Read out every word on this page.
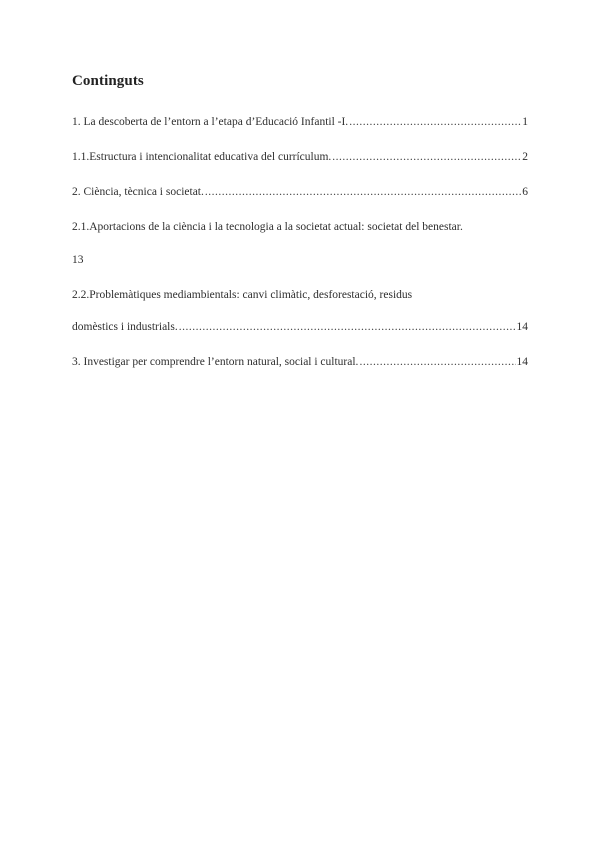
Contingut​s
1. La descoberta de l’entorn a l’etapa d’Educació Infantil -I. .....	1
1.1.Estructura i intencionalitat educativa del currículum. .....	2
2. Ciència, tècnica i societat. .....	6
2.1.Aportacions de la ciència i la tecnologia a la societat actual: societat del benestar.
13
2.2.Problemàtiques mediambientals: canvi climàtic, desforestació, residus
domèstics i industrials. .....	14
3. Investigar per comprendre l’entorn natural, social i cultural. .....	14
